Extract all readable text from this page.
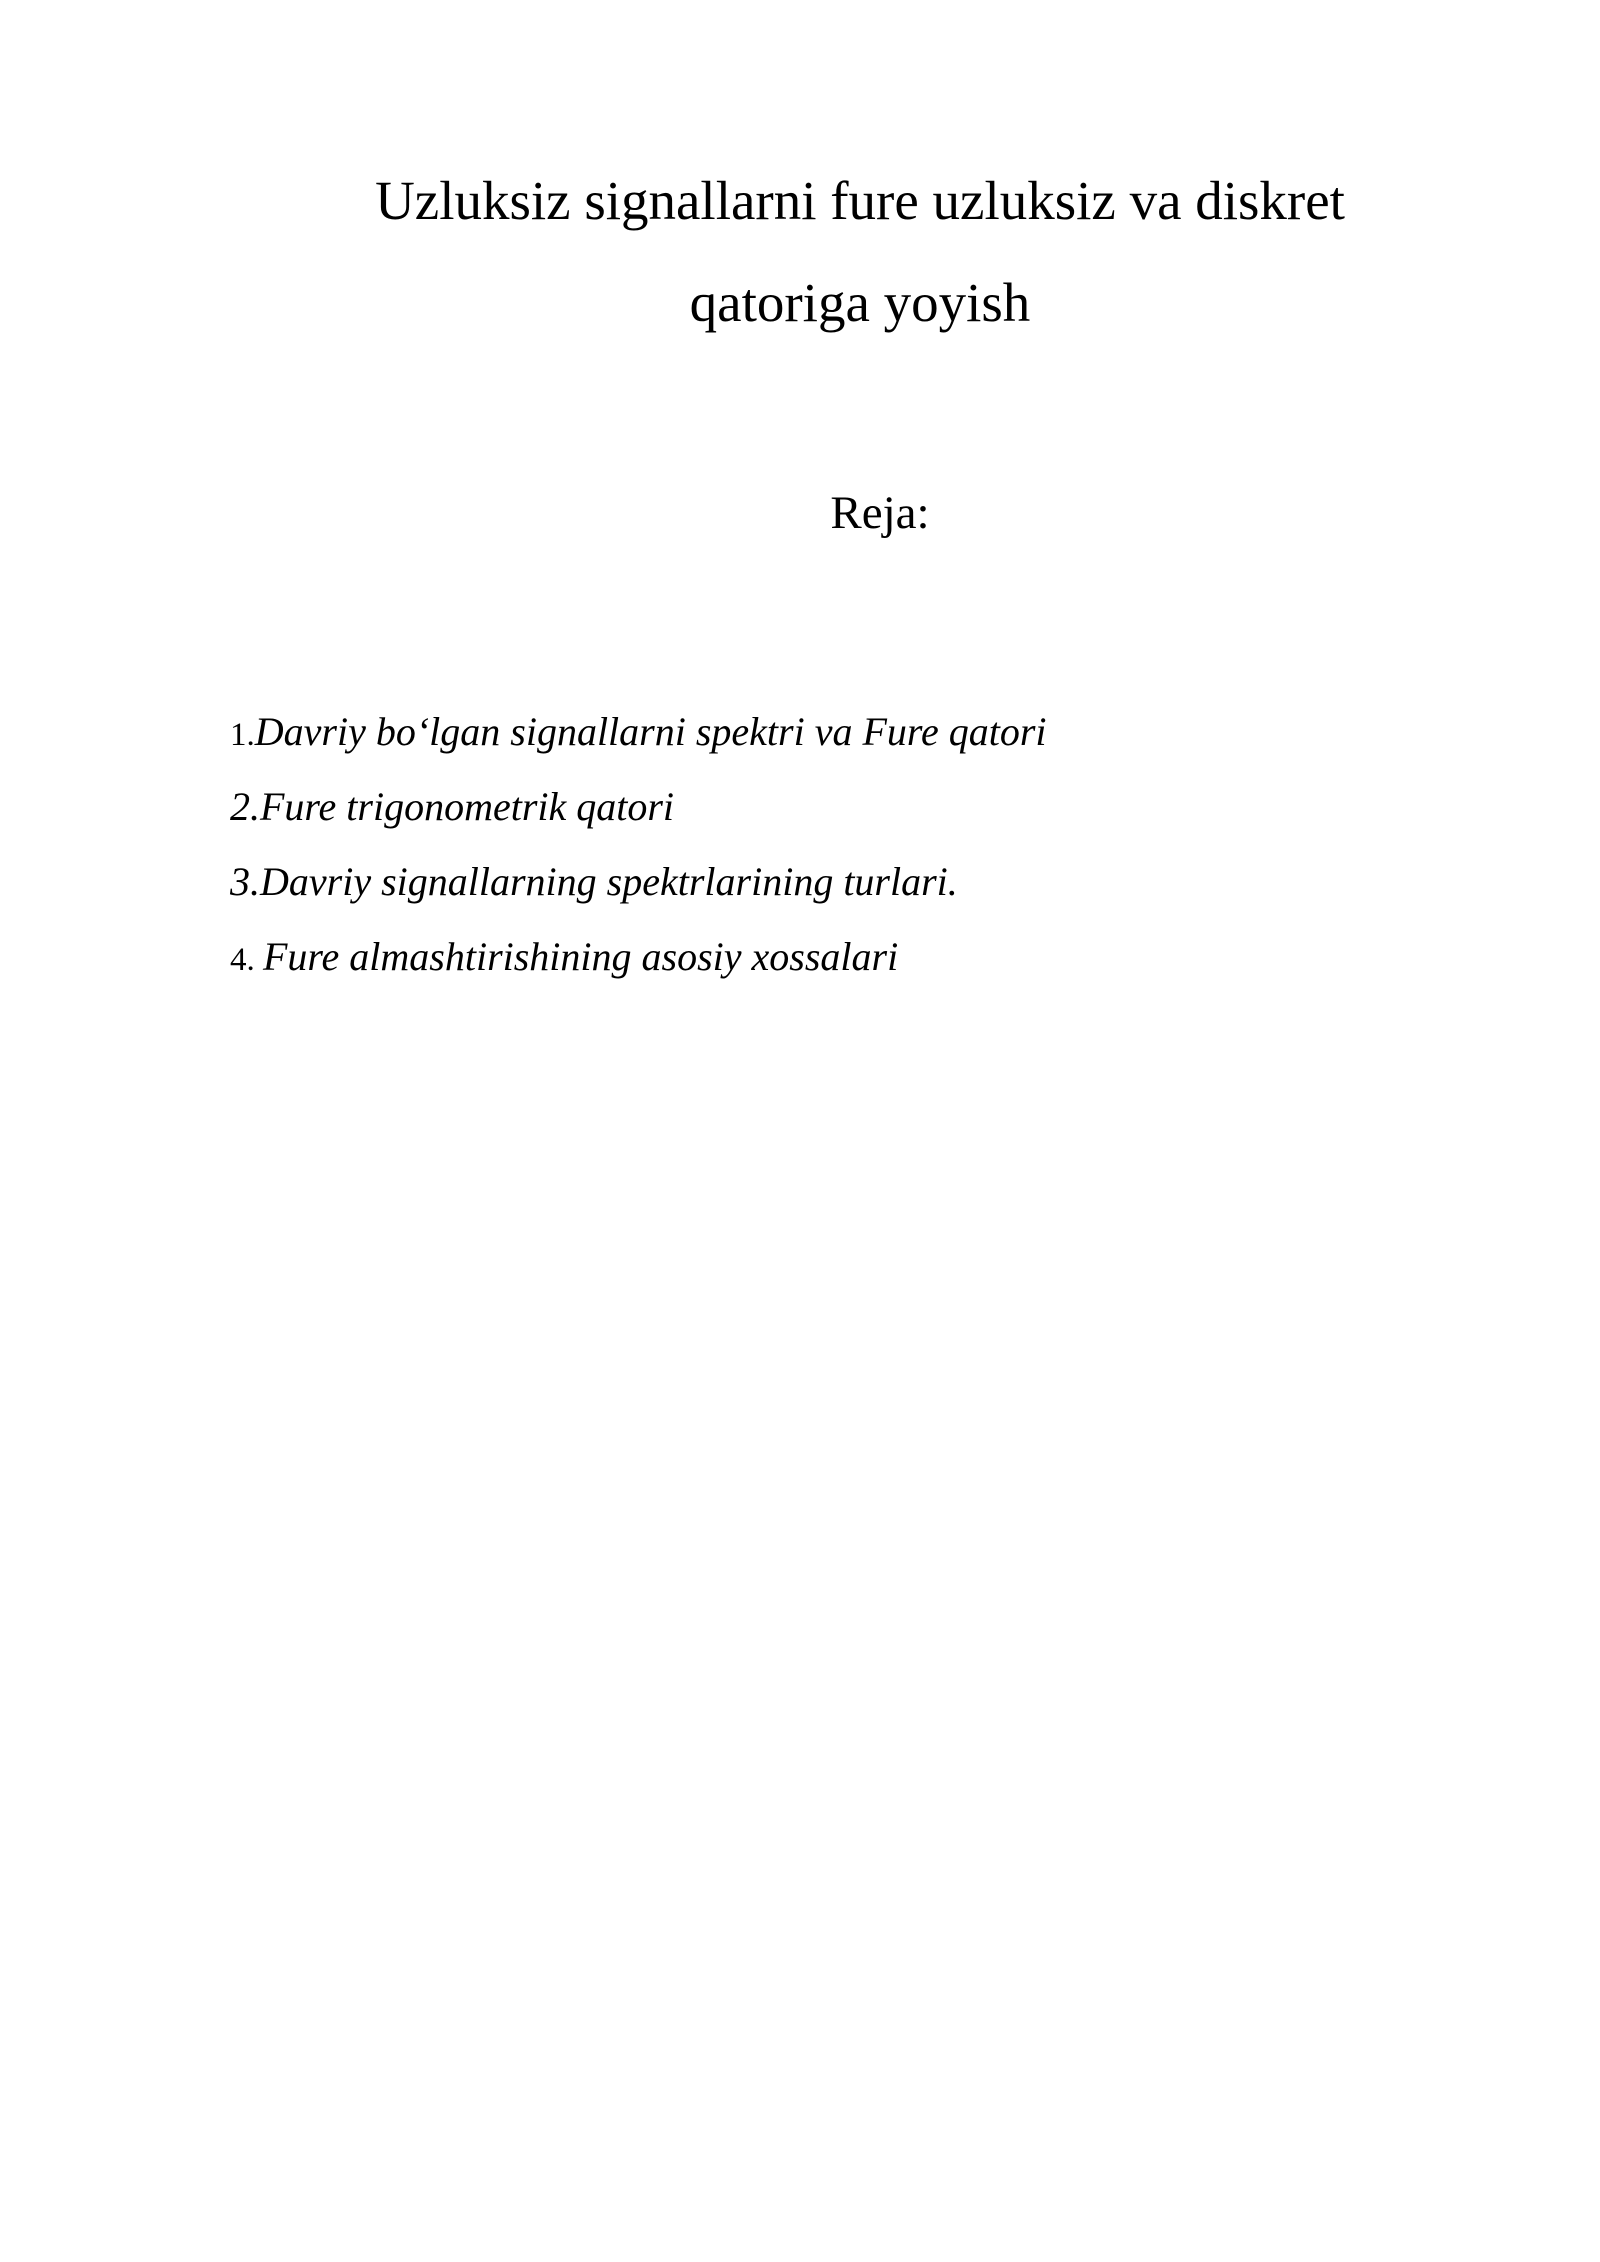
Uzluksiz signallarni fure uzluksiz va diskret
qatoriga yoyish
Reja:
1.Davriy bo‘lgan signallarni spektri va Fure qatori
2.Fure trigonometrik qatori
3.Davriy signallarning spektrlarining turlari.
4. Fure almashtirishining asosiy xossalari
